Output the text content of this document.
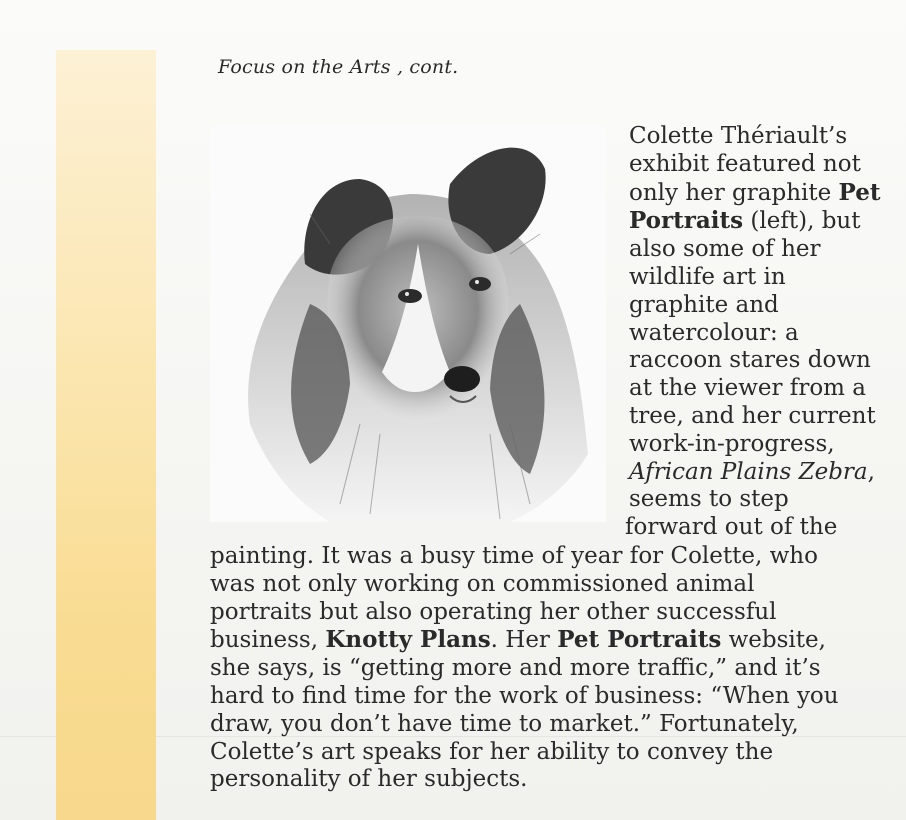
Focus on the Arts , cont.
Colette Thériault’s
exhibit featured not
only her graphite Pet
Portraits (left), but
also some of her
wildlife art in
graphite and
watercolour: a
raccoon stares down
at the viewer from a
tree, and her current
work-in-progress,
African Plains Zebra,
seems to step
forward out of the
painting. It was a busy time of year for Colette, who
was not only working on commissioned animal
portraits but also operating her other successful
business, Knotty Plans. Her Pet Portraits website,
she says, is “getting more and more traffic,” and it’s
hard to find time for the work of business: “When you
draw, you don’t have time to market.” Fortunately,
Colette’s art speaks for her ability to convey the
personality of her subjects.
